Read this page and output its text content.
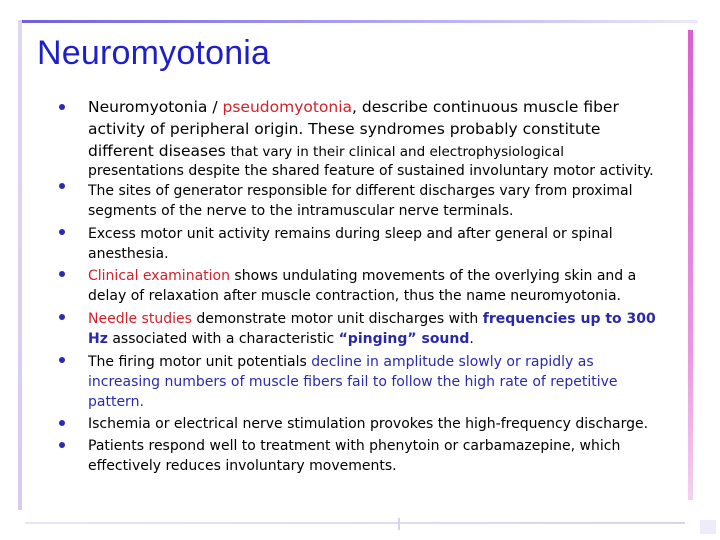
Neuromyotonia
Neuromyotonia / pseudomyotonia, describe continuous muscle fiber
activity of peripheral origin. These syndromes probably constitute
different diseases that vary in their clinical and electrophysiological
presentations despite the shared feature of sustained involuntary motor activity.
The sites of generator responsible for different discharges vary from proximal
segments of the nerve to the intramuscular nerve terminals.
Excess motor unit activity remains during sleep and after general or spinal
anesthesia.
Clinical examination shows undulating movements of the overlying skin and a
delay of relaxation after muscle contraction, thus the name neuromyotonia.
Needle studies demonstrate motor unit discharges with frequencies up to 300
Hz associated with a characteristic “pinging” sound.
The firing motor unit potentials decline in amplitude slowly or rapidly as
increasing numbers of muscle fibers fail to follow the high rate of repetitive
pattern.
Ischemia or electrical nerve stimulation provokes the high-frequency discharge.
Patients respond well to treatment with phenytoin or carbamazepine, which
effectively reduces involuntary movements.
